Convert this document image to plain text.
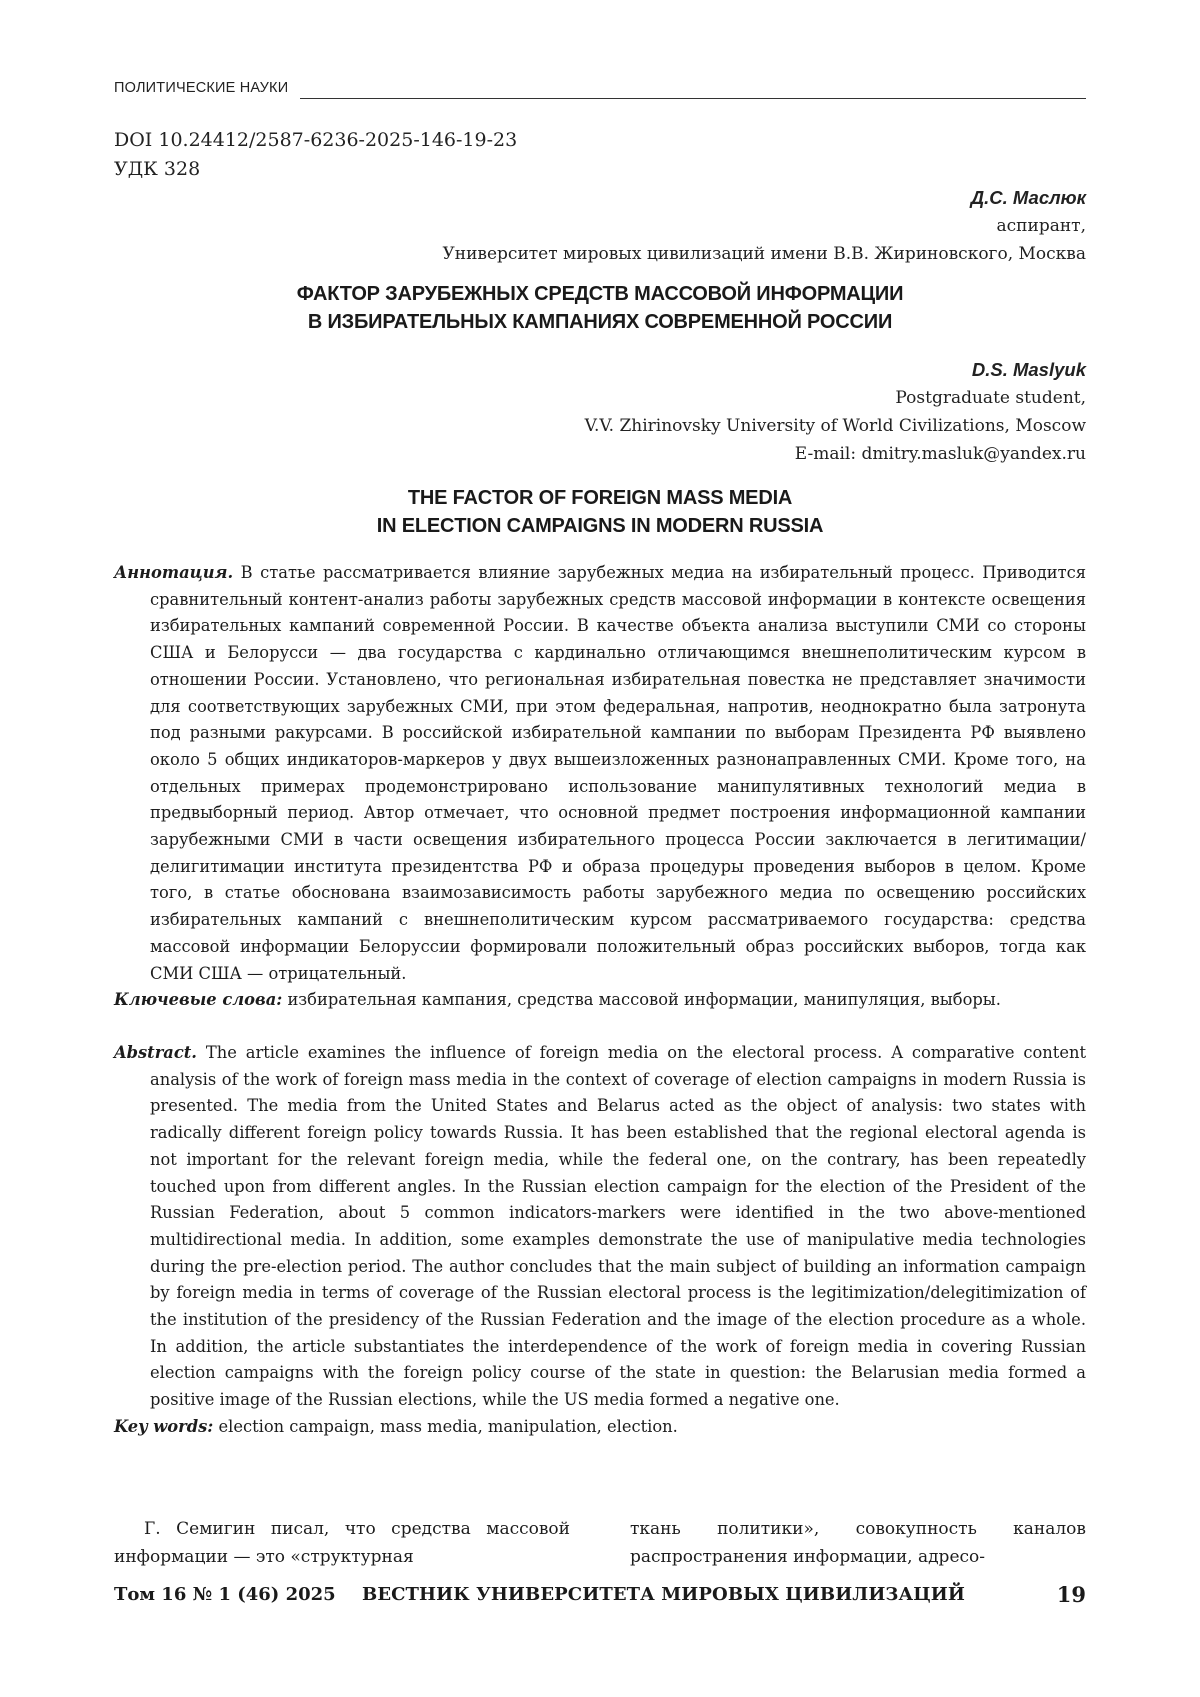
ПОЛИТИЧЕСКИЕ НАУКИ
DOI 10.24412/2587-6236-2025-146-19-23
УДК 328
Д.С. Маслюк
аспирант,
Университет мировых цивилизаций имени В.В. Жириновского, Москва
ФАКТОР ЗАРУБЕЖНЫХ СРЕДСТВ МАССОВОЙ ИНФОРМАЦИИ
В ИЗБИРАТЕЛЬНЫХ КАМПАНИЯХ СОВРЕМЕННОЙ РОССИИ
D.S. Maslyuk
Postgraduate student,
V.V. Zhirinovsky University of World Civilizations, Moscow
E-mail: dmitry.masluk@yandex.ru
THE FACTOR OF FOREIGN MASS MEDIA
IN ELECTION CAMPAIGNS IN MODERN RUSSIA

Аннотация. В статье рассматривается влияние зарубежных медиа на избирательный процесс. Приводится сравнительный контент-анализ работы зарубежных средств массовой информации в контексте освещения избирательных кампаний современной России. В качестве объекта анализа выступили СМИ со стороны США и Белорусси — два государства с кардинально отличающимся внешнеполитическим курсом в отношении России. Установлено, что региональная избирательная повестка не представляет значимости для соответствующих зарубежных СМИ, при этом федеральная, напротив, неоднократно была затронута под разными ракурсами. В российской избирательной кампании по выборам Президента РФ выявлено около 5 общих индикаторов-маркеров у двух вышеизложенных разнонаправленных СМИ. Кроме того, на отдельных примерах продемонстрировано использование манипулятивных технологий медиа в предвыборный период. Автор отмечает, что основной предмет построения информационной кампании зарубежными СМИ в части освещения избирательного процесса России заключается в легитимации/делигитимации института президентства РФ и образа процедуры проведения выборов в целом. Кроме того, в статье обоснована взаимозависимость работы зарубежного медиа по освещению российских избирательных кампаний с внешнеполитическим курсом рассматриваемого государства: средства массовой информации Белоруссии формировали положительный образ российских выборов, тогда как СМИ США — отрицательный.

Ключевые слова: избирательная кампания, средства массовой информации, манипуляция, выборы.

Abstract. The article examines the influence of foreign media on the electoral process. A comparative content analysis of the work of foreign mass media in the context of coverage of election campaigns in modern Russia is presented. The media from the United States and Belarus acted as the object of analysis: two states with radically different foreign policy towards Russia. It has been established that the regional electoral agenda is not important for the relevant foreign media, while the federal one, on the contrary, has been repeatedly touched upon from different angles. In the Russian election campaign for the election of the President of the Russian Federation, about 5 common indicators-markers were identified in the two above-mentioned multidirectional media. In addition, some examples demonstrate the use of manipulative media technologies during the pre-election period. The author concludes that the main subject of building an information campaign by foreign media in terms of coverage of the Russian electoral process is the legitimization/delegitimization of the institution of the presidency of the Russian Federation and the image of the election procedure as a whole. In addition, the article substantiates the interdependence of the work of foreign media in covering Russian election campaigns with the foreign policy course of the state in question: the Belarusian media formed a positive image of the Russian elections, while the US media formed a negative one.

Key words: election campaign, mass media, manipulation, election.

Г. Семигин писал, что средства массовой информации — это «структурная
ткань политики», совокупность каналов распространения информации, адресо-
Том 16 № 1 (46) 2025 ВЕСТНИК УНИВЕРСИТЕТА МИРОВЫХ ЦИВИЛИЗАЦИЙ	19
